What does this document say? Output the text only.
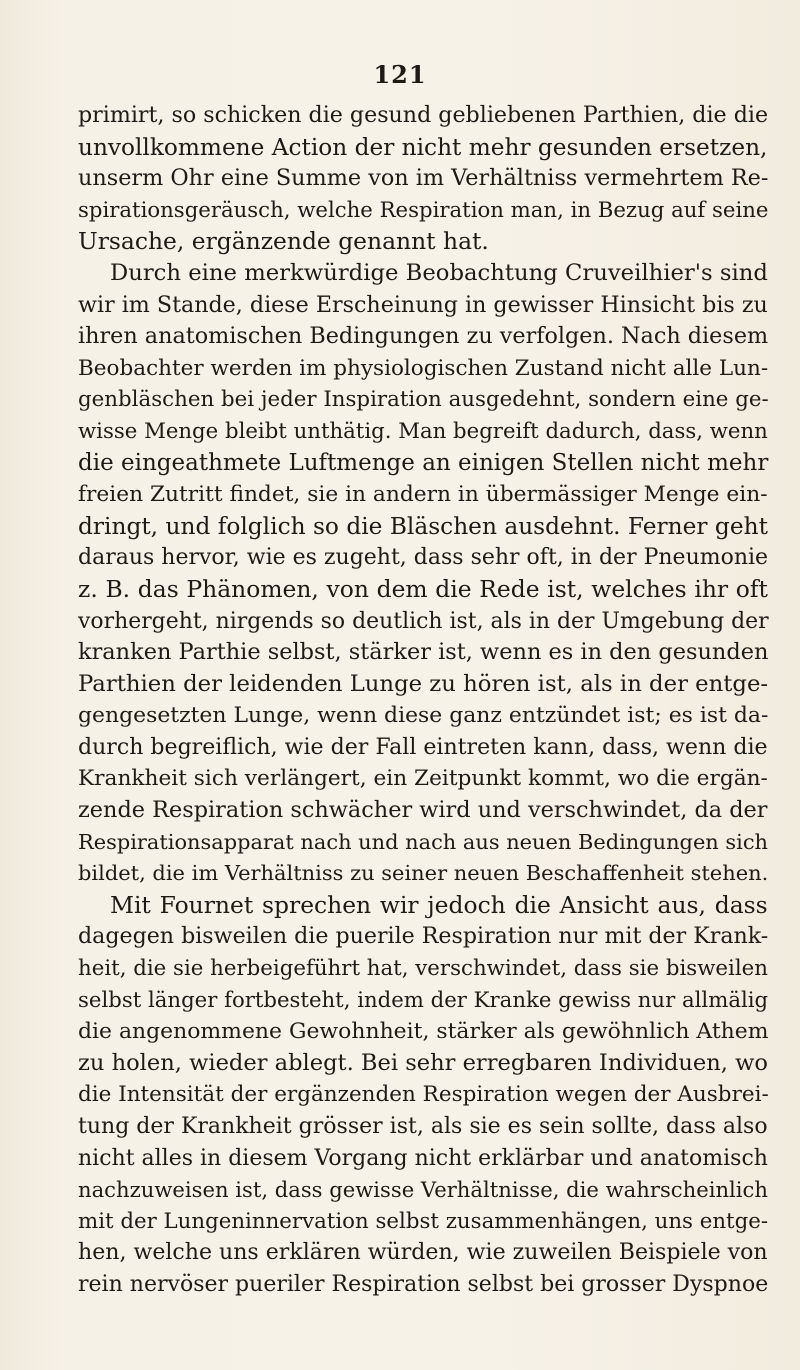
121
primirt, so schicken die gesund gebliebenen Parthien, die die
unvollkommene Action der nicht mehr gesunden ersetzen,
unserm Ohr eine Summe von im Verhältniss vermehrtem Re-
spirationsgeräusch, welche Respiration man, in Bezug auf seine
Ursache, ergänzende genannt hat.
Durch eine merkwürdige Beobachtung Cruveilhier's sind
wir im Stande, diese Erscheinung in gewisser Hinsicht bis zu
ihren anatomischen Bedingungen zu verfolgen. Nach diesem
Beobachter werden im physiologischen Zustand nicht alle Lun-
genbläschen bei jeder Inspiration ausgedehnt, sondern eine ge-
wisse Menge bleibt unthätig. Man begreift dadurch, dass, wenn
die eingeathmete Luftmenge an einigen Stellen nicht mehr
freien Zutritt findet, sie in andern in übermässiger Menge ein-
dringt, und folglich so die Bläschen ausdehnt. Ferner geht
daraus hervor, wie es zugeht, dass sehr oft, in der Pneumonie
z. B. das Phänomen, von dem die Rede ist, welches ihr oft
vorhergeht, nirgends so deutlich ist, als in der Umgebung der
kranken Parthie selbst, stärker ist, wenn es in den gesunden
Parthien der leidenden Lunge zu hören ist, als in der entge-
gengesetzten Lunge, wenn diese ganz entzündet ist; es ist da-
durch begreiflich, wie der Fall eintreten kann, dass, wenn die
Krankheit sich verlängert, ein Zeitpunkt kommt, wo die ergän-
zende Respiration schwächer wird und verschwindet, da der
Respirationsapparat nach und nach aus neuen Bedingungen sich
bildet, die im Verhältniss zu seiner neuen Beschaffenheit stehen.
Mit Fournet sprechen wir jedoch die Ansicht aus, dass
dagegen bisweilen die puerile Respiration nur mit der Krank-
heit, die sie herbeigeführt hat, verschwindet, dass sie bisweilen
selbst länger fortbesteht, indem der Kranke gewiss nur allmälig
die angenommene Gewohnheit, stärker als gewöhnlich Athem
zu holen, wieder ablegt. Bei sehr erregbaren Individuen, wo
die Intensität der ergänzenden Respiration wegen der Ausbrei-
tung der Krankheit grösser ist, als sie es sein sollte, dass also
nicht alles in diesem Vorgang nicht erklärbar und anatomisch
nachzuweisen ist, dass gewisse Verhältnisse, die wahrscheinlich
mit der Lungeninnervation selbst zusammenhängen, uns entge-
hen, welche uns erklären würden, wie zuweilen Beispiele von
rein nervöser pueriler Respiration selbst bei grosser Dyspnoe
